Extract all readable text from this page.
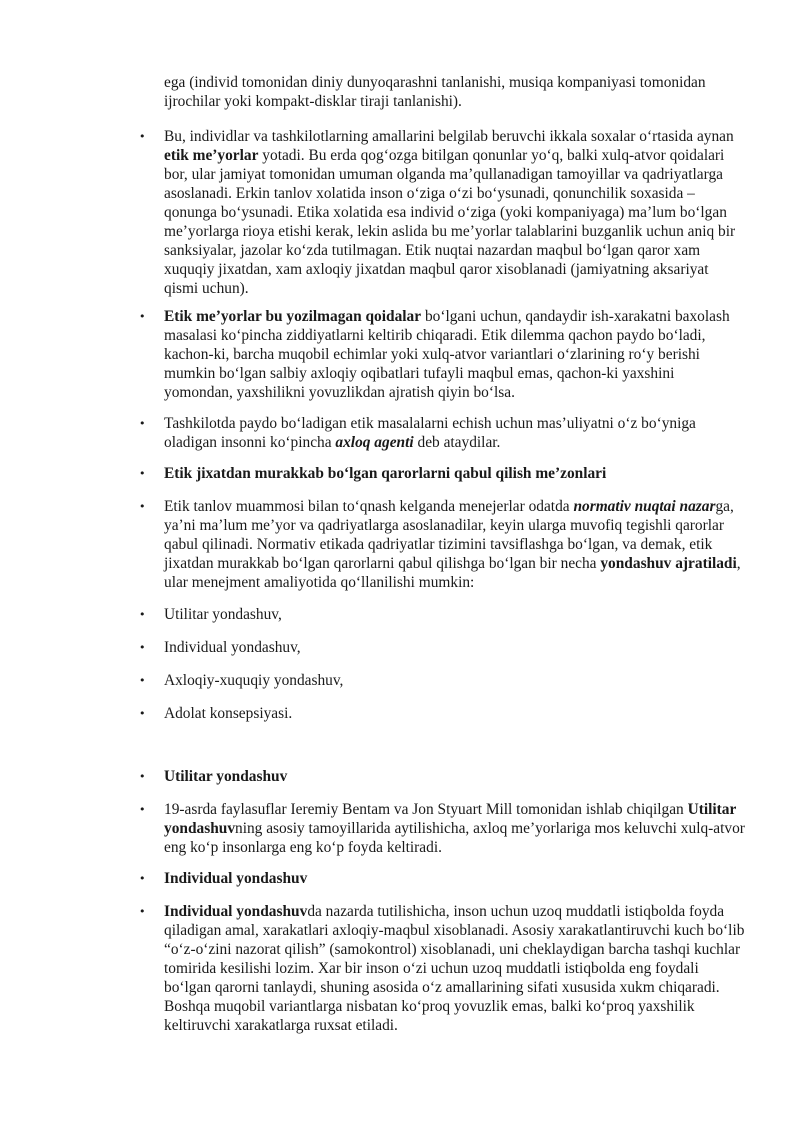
ega (individ tomonidan diniy dunyoqarashni tanlanishi, musiqa kompaniyasi tomonidan ijrochilar yoki kompakt-disklar tiraji tanlanishi).

•	Bu, individlar va tashkilotlarning amallarini belgilab beruvchi ikkala soxalar o‘rtasida aynan etik me’yorlar yotadi. Bu erda qog‘ozga bitilgan qonunlar yo‘q, balki xulq-atvor qoidalari bor, ular jamiyat tomonidan umuman olganda ma’qullanadigan tamoyillar va qadriyatlarga asoslanadi. Erkin tanlov xolatida inson o‘ziga o‘zi bo‘ysunadi, qonunchilik soxasida – qonunga bo‘ysunadi. Etika xolatida esa individ o‘ziga (yoki kompaniyaga) ma’lum bo‘lgan me’yorlarga rioya etishi kerak, lekin aslida bu me’yorlar talablarini buzganlik uchun aniq bir sanksiyalar, jazolar ko‘zda tutilmagan. Etik nuqtai nazardan maqbul bo‘lgan qaror xam xuquqiy jixatdan, xam axloqiy jixatdan maqbul qaror xisoblanadi (jamiyatning aksariyat qismi uchun).

•	Etik me’yorlar bu yozilmagan qoidalar bo‘lgani uchun, qandaydir ish-xarakatni baxolash masalasi ko‘pincha ziddiyatlarni keltirib chiqaradi. Etik dilemma qachon paydo bo‘ladi, kachon-ki, barcha muqobil echimlar yoki xulq-atvor variantlari o‘zlarining ro‘y berishi mumkin bo‘lgan salbiy axloqiy oqibatlari tufayli maqbul emas, qachon-ki yaxshini yomondan, yaxshilikni yovuzlikdan ajratish qiyin bo‘lsa.

•	Tashkilotda paydo bo‘ladigan etik masalalarni echish uchun mas’uliyatni o‘z bo‘yniga oladigan insonni ko‘pincha axloq agenti deb ataydilar.

•	Etik jixatdan murakkab bo‘lgan qarorlarni qabul qilish me’zonlari

•	Etik tanlov muammosi bilan to‘qnash kelganda menejerlar odatda normativ nuqtai nazarga, ya’ni ma’lum me’yor va qadriyatlarga asoslanadilar, keyin ularga muvofiq tegishli qarorlar qabul qilinadi. Normativ etikada qadriyatlar tizimini tavsiflashga bo‘lgan, va demak, etik jixatdan murakkab bo‘lgan qarorlarni qabul qilishga bo‘lgan bir necha yondashuv ajratiladi, ular menejment amaliyotida qo‘llanilishi mumkin:

•	Utilitar yondashuv,

•	Individual yondashuv,

•	Axloqiy-xuquqiy yondashuv,

•	Adolat konsepsiyasi.

•	Utilitar yondashuv

•	19-asrda faylasuflar Ieremiy Bentam va Jon Styuart Mill tomonidan ishlab chiqilgan Utilitar yondashuvning asosiy tamoyillarida aytilishicha, axloq me’yorlariga mos keluvchi xulq-atvor eng ko‘p insonlarga eng ko‘p foyda keltiradi.

•	Individual yondashuv

•	Individual yondashuvda nazarda tutilishicha, inson uchun uzoq muddatli istiqbolda foyda qiladigan amal, xarakatlari axloqiy-maqbul xisoblanadi. Asosiy xarakatlantiruvchi kuch bo‘lib “o‘z-o‘zini nazorat qilish” (samokontrol) xisoblanadi, uni cheklaydigan barcha tashqi kuchlar tomirida kesilishi lozim. Xar bir inson o‘zi uchun uzoq muddatli istiqbolda eng foydali bo‘lgan qarorni tanlaydi, shuning asosida o‘z amallarining sifati xususida xukm chiqaradi. Boshqa muqobil variantlarga nisbatan ko‘proq yovuzlik emas, balki ko‘proq yaxshilik keltiruvchi xarakatlarga ruxsat etiladi.
